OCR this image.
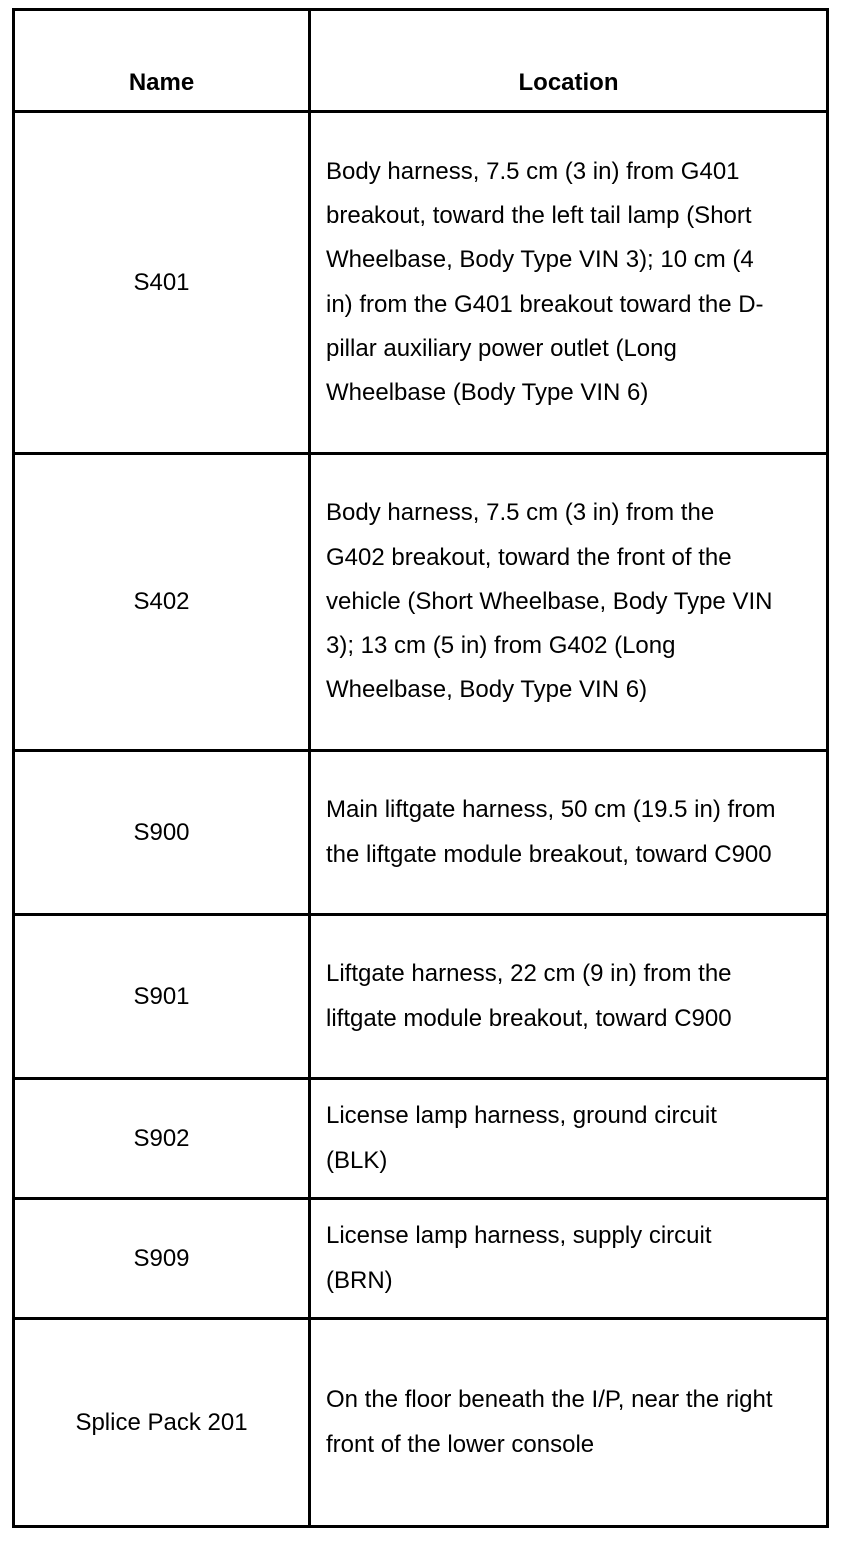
Name	Location
S401	Body harness, 7.5 cm (3 in) from G401 breakout, toward the left tail lamp (Short Wheelbase, Body Type VIN 3); 10 cm (4 in) from the G401 breakout toward the D-pillar auxiliary power outlet (Long Wheelbase (Body Type VIN 6)
S402	Body harness, 7.5 cm (3 in) from the G402 breakout, toward the front of the vehicle (Short Wheelbase, Body Type VIN 3); 13 cm (5 in) from G402 (Long Wheelbase, Body Type VIN 6)
S900	Main liftgate harness, 50 cm (19.5 in) from the liftgate module breakout, toward C900
S901	Liftgate harness, 22 cm (9 in) from the liftgate module breakout, toward C900
S902	License lamp harness, ground circuit (BLK)
S909	License lamp harness, supply circuit (BRN)
Splice Pack 201	On the floor beneath the I/P, near the right front of the lower console
